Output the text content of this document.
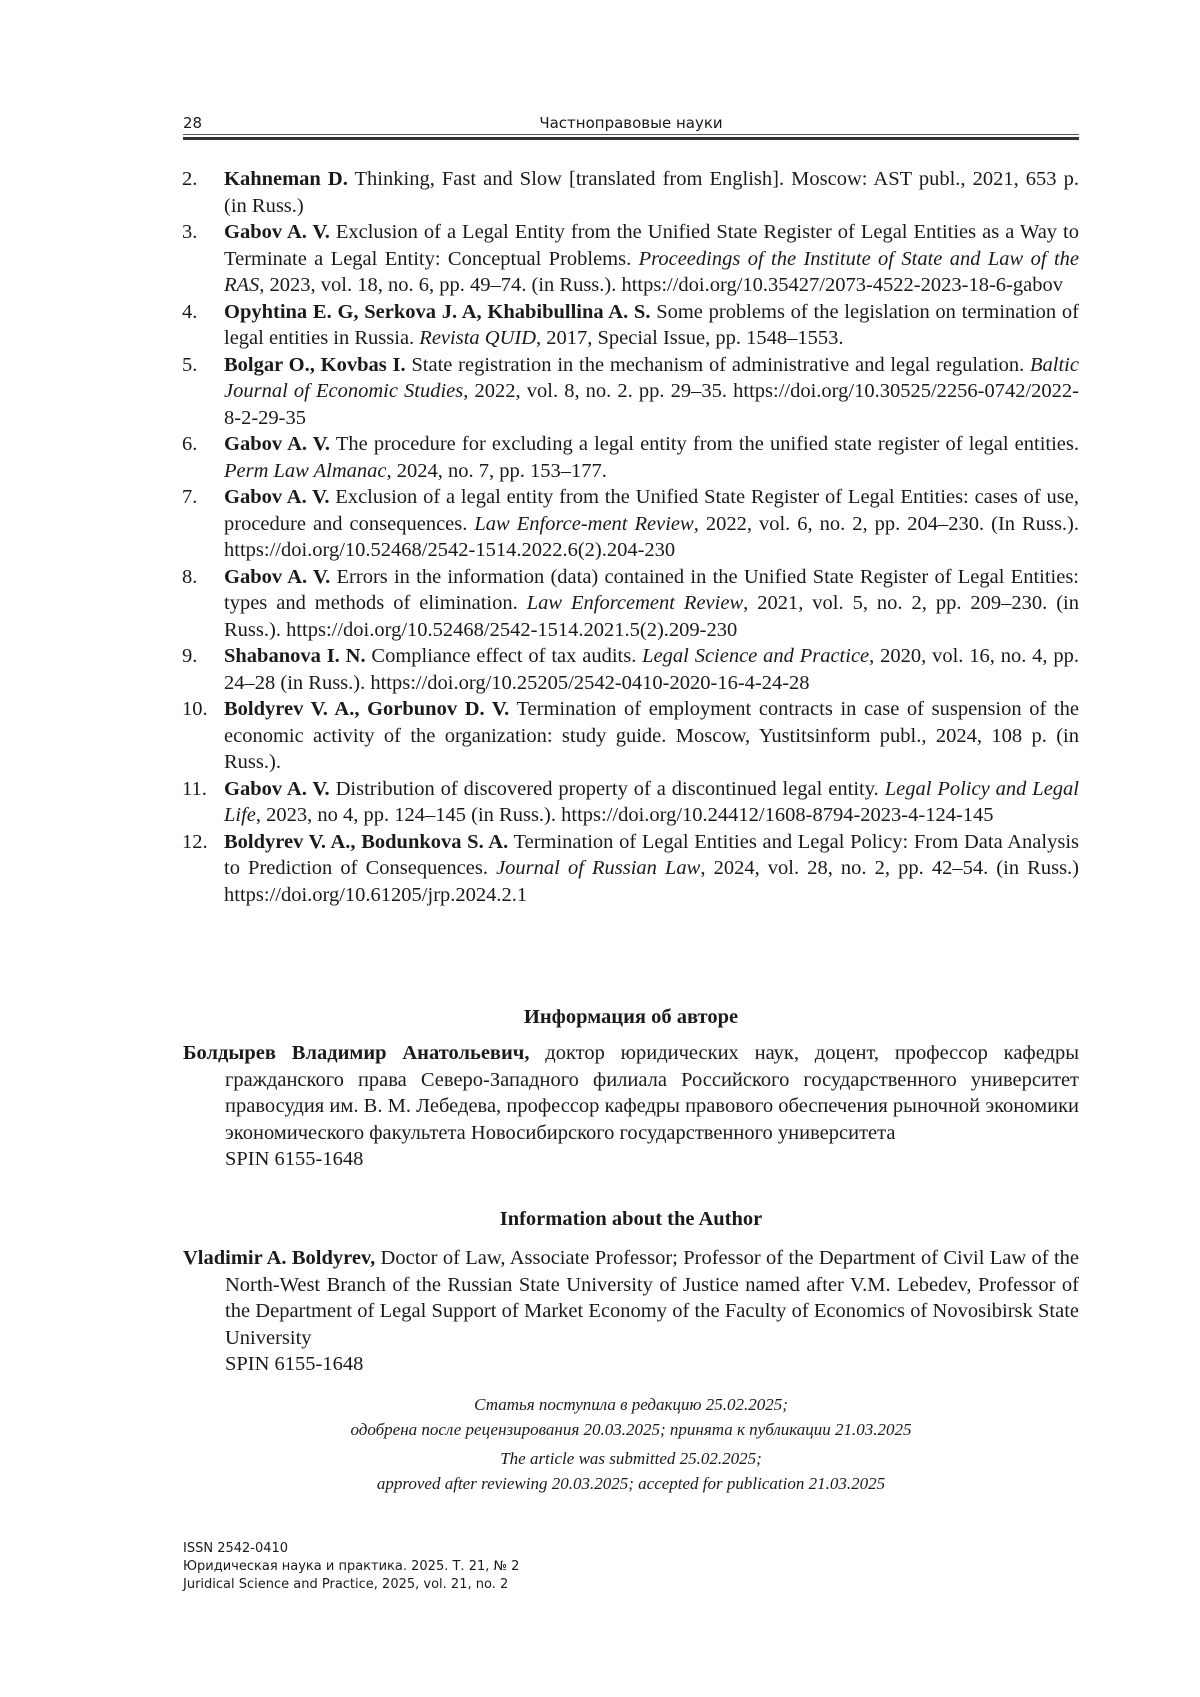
28	Частноправовые науки
2. Kahneman D. Thinking, Fast and Slow [translated from English]. Moscow: AST publ., 2021, 653 p. (in Russ.)
3. Gabov A. V. Exclusion of a Legal Entity from the Unified State Register of Legal Entities as a Way to Terminate a Legal Entity: Conceptual Problems. Proceedings of the Institute of State and Law of the RAS, 2023, vol. 18, no. 6, pp. 49–74. (in Russ.). https://doi.org/10.35427/2073-4522-2023-18-6-gabov
4. Opyhtina E. G, Serkova J. A, Khabibullina A. S. Some problems of the legislation on termination of legal entities in Russia. Revista QUID, 2017, Special Issue, pp. 1548–1553.
5. Bolgar O., Kovbas I. State registration in the mechanism of administrative and legal regulation. Baltic Journal of Economic Studies, 2022, vol. 8, no. 2. pp. 29–35. https://doi.org/10.30525/2256-0742/2022-8-2-29-35
6. Gabov A. V. The procedure for excluding a legal entity from the unified state register of legal entities. Perm Law Almanac, 2024, no. 7, pp. 153–177.
7. Gabov A. V. Exclusion of a legal entity from the Unified State Register of Legal Entities: cases of use, procedure and consequences. Law Enforce-ment Review, 2022, vol. 6, no. 2, pp. 204–230. (In Russ.). https://doi.org/10.52468/2542-1514.2022.6(2).204-230
8. Gabov A. V. Errors in the information (data) contained in the Unified State Register of Legal Entities: types and methods of elimination. Law Enforcement Review, 2021, vol. 5, no. 2, pp. 209–230. (in Russ.). https://doi.org/10.52468/2542-1514.2021.5(2).209-230
9. Shabanova I. N. Compliance effect of tax audits. Legal Science and Practice, 2020, vol. 16, no. 4, pp. 24–28 (in Russ.). https://doi.org/10.25205/2542-0410-2020-16-4-24-28
10. Boldyrev V. A., Gorbunov D. V. Termination of employment contracts in case of suspension of the economic activity of the organization: study guide. Moscow, Yustitsinform publ., 2024, 108 p. (in Russ.).
11. Gabov A. V. Distribution of discovered property of a discontinued legal entity. Legal Policy and Legal Life, 2023, no 4, pp. 124–145 (in Russ.). https://doi.org/10.24412/1608-8794-2023-4-124-145
12. Boldyrev V. A., Bodunkova S. A. Termination of Legal Entities and Legal Policy: From Data Analysis to Prediction of Consequences. Journal of Russian Law, 2024, vol. 28, no. 2, pp. 42–54. (in Russ.) https://doi.org/10.61205/jrp.2024.2.1
Информация об авторе

Болдырев Владимир Анатольевич, доктор юридических наук, доцент, профессор кафедры гражданского права Северо-Западного филиала Российского государственного университет правосудия им. В. М. Лебедева, профессор кафедры правового обеспечения рыночной экономики экономического факультета Новосибирского государственного университета

SPIN 6155-1648

Information about the Author

Vladimir A. Boldyrev, Doctor of Law, Associate Professor; Professor of the Department of Civil Law of the North-West Branch of the Russian State University of Justice named after V.M. Lebedev, Professor of the Department of Legal Support of Market Economy of the Faculty of Economics of Novosibirsk State University

SPIN 6155-1648

Статья поступила в редакцию 25.02.2025;

одобрена после рецензирования 20.03.2025; принята к публикации 21.03.2025

The article was submitted 25.02.2025;

approved after reviewing 20.03.2025; accepted for publication 21.03.2025

ISSN 2542-0410
Юридическая наука и практика. 2025. Т. 21, № 2
Juridical Science and Practice, 2025, vol. 21, no. 2
